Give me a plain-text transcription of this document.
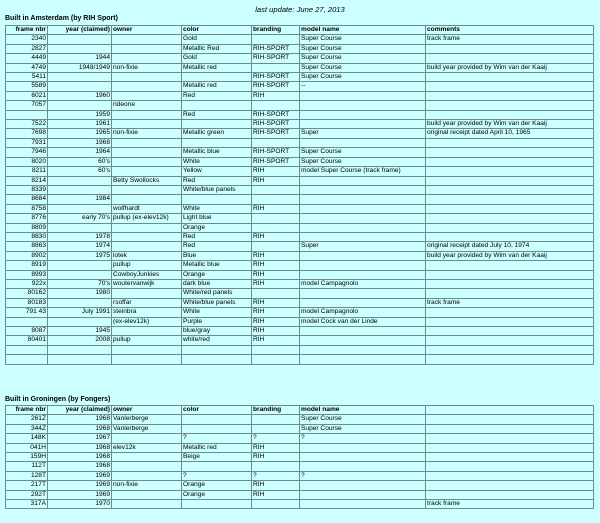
last update: June 27, 2013
Built in Amsterdam (by RIH Sport)
frame nbr	year (claimed)	owner	color	branding	model name	comments
2340			Gold		Super Course	track frame
2827			Metallic Red	RIH-SPORT	Super Course	
4449	1944		Gold	RIH-SPORT	Super Course	
4749	1948/1949	non-fixie	Metallic red		Super Course	build year provided by Wim van der Kaaij
5411				RIH-SPORT	Super Course	
5589			Metallic red	RIH-SPORT	--	
6021	1960		Red	RIH		
7057		rideone				
	1959		Red	RIH-SPORT		
7522	1961			RIH-SPORT		build year provided by Wim van der Kaaij
7698	1965	non-fixie	Metallic green	RIH-SPORT	Super	original receipt dated April 10, 1965
7931	1968					
7946	1964		Metallic blue	RIH-SPORT	Super Course	
8020	60's		White	RIH-SPORT	Super Course	
8211	60's		Yellow	RIH	model Super Course (track frame)	
8214		Betty Swollocks	Red	RIH		
8339			White/blue panels			
8684	1984					
8758		wolfhardt	White	RIH		
8776	early 70's	pullup (ex-elev12k)	Light blue			
8809			Orange			
8830	1978		Red	RIH		
8863	1974		Red		Super	original receipt dated July 10, 1974
8902	1975	lotek	Blue	RIH		build year provided by Wim van der Kaaij
8919		pullup	Metallic blue	RIH		
8993		CowboyJunkies	Orange	RIH		
922x	70's	woutervanwijk	dark blue	RIH	model Campagnolo	
80162	1980		White/red panels			
80183		rsoffar	White/blue panels	RIH		track frame
791 43	July 1991	steinbra	White	RIH	model Campagnolo	
		(ex-elev12k)	Purple	RIH	model Cock van der Linde	
8087	1945		blue/gray	RIH		
80401	2008	pullup	white/red	RIH		

Built in Groningen (by Fongers)
frame nbr	year (claimed)	owner	color	branding	model name	
261Z	1968	Vanlerberge			Super Course	
344Z	1968	Vanlerberge			Super Course	
148K	1967		?	?	?	
041H	1968	elev12k	Metallic red	RIH		
159H	1968		Beige	RIH		
112T	1968					
128T	1969		?	?	?	
217T	1969	non-fixie	Orange	RIH		
292T	1969		Orange	RIH		
317A	1970					track frame
